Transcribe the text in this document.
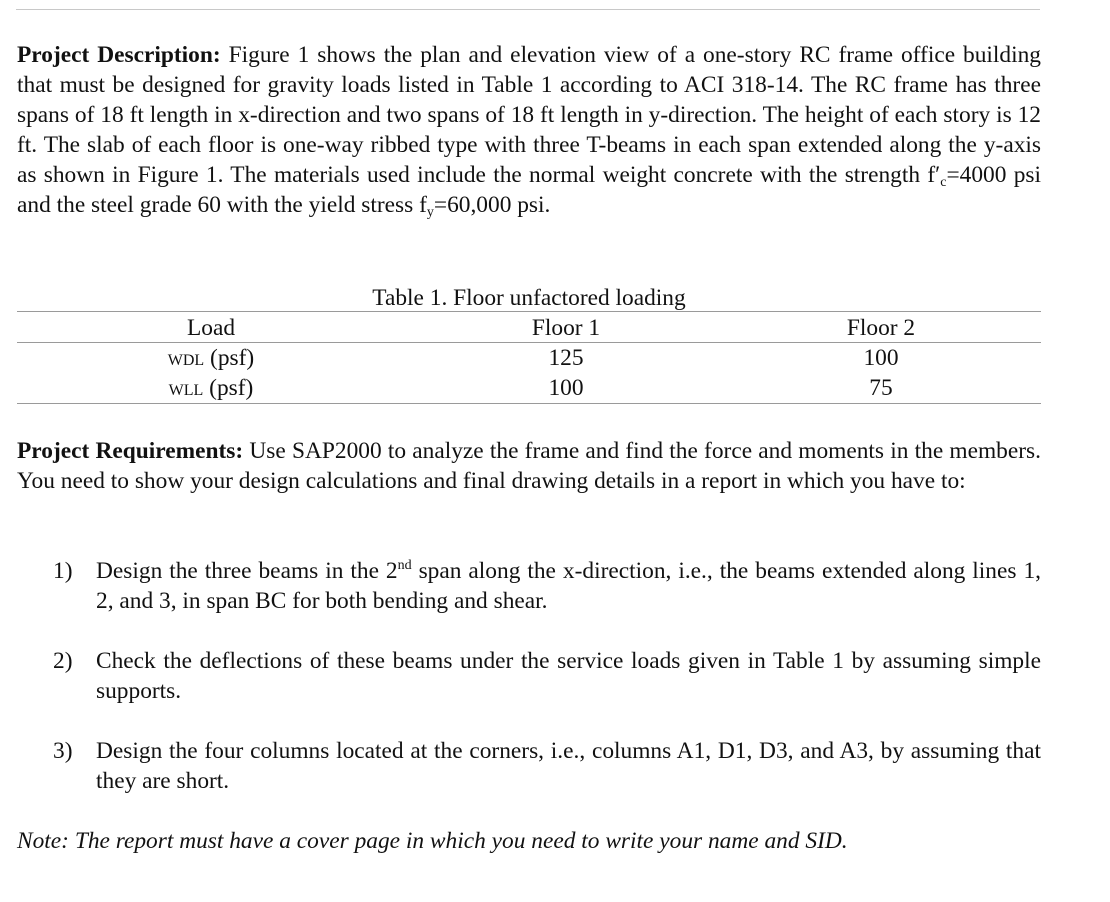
Project Description: Figure 1 shows the plan and elevation view of a one-story RC frame office building that must be designed for gravity loads listed in Table 1 according to ACI 318-14. The RC frame has three spans of 18 ft length in x-direction and two spans of 18 ft length in y-direction. The height of each story is 12 ft. The slab of each floor is one-way ribbed type with three T-beams in each span extended along the y-axis as shown in Figure 1. The materials used include the normal weight concrete with the strength $f'_c=4000$ psi and the steel grade 60 with the yield stress $f_y=60,000$ psi.

Table 1. Floor unfactored loading
Load	Floor 1	Floor 2
WDL (psf)	125	100
WLL (psf)	100	75

Project Requirements: Use SAP2000 to analyze the frame and find the force and moments in the members. You need to show your design calculations and final drawing details in a report in which you have to:

1)	Design the three beams in the 2nd span along the x-direction, i.e., the beams extended along lines 1, 2, and 3, in span BC for both bending and shear.
2)	Check the deflections of these beams under the service loads given in Table 1 by assuming simple supports.
3)	Design the four columns located at the corners, i.e., columns A1, D1, D3, and A3, by assuming that they are short.

Note: The report must have a cover page in which you need to write your name and SID.
